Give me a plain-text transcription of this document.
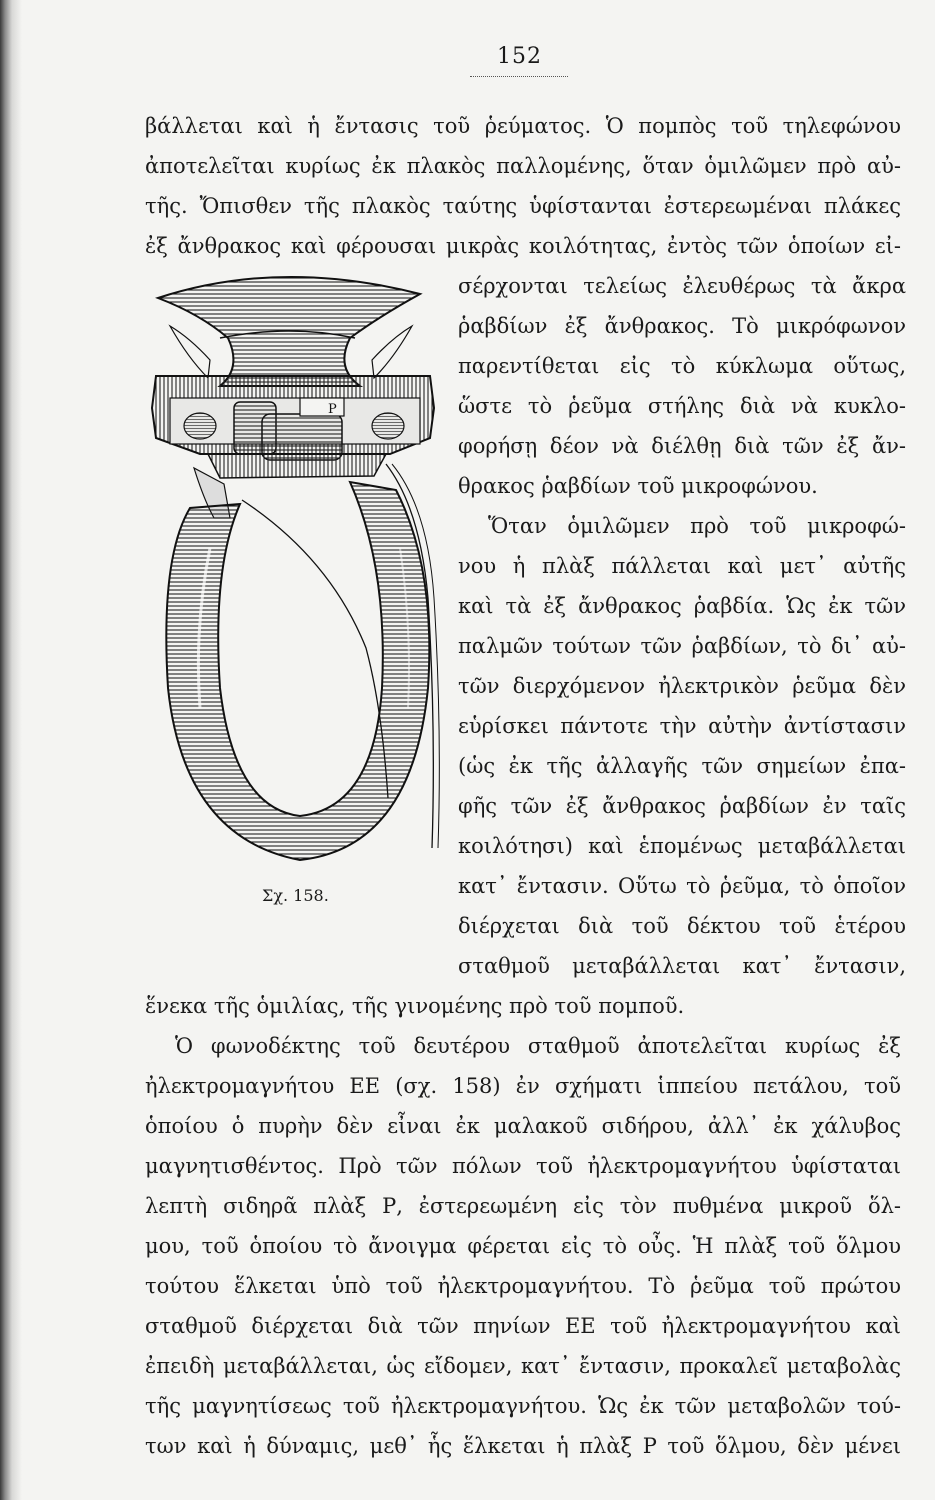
152
βάλλεται καὶ ἡ ἔντασις τοῦ ῥεύματος. Ὁ πομπὸς τοῦ τηλεφώνου
ἀποτελεῖται κυρίως ἐκ πλακὸς παλλομένης, ὅταν ὁμιλῶμεν πρὸ αὐ-
τῆς. Ὄπισθεν τῆς πλακὸς ταύτης ὑφίστανται ἐστερεωμέναι πλάκες
ἐξ ἄνθρακος καὶ φέρουσαι μικρὰς κοιλότητας, ἐντὸς τῶν ὁποίων εἰ-
σέρχονται τελείως ἐλευθέρως τὰ ἄκρα
ῥαβδίων ἐξ ἄνθρακος. Τὸ μικρόφωνον
παρεντίθεται εἰς τὸ κύκλωμα οὕτως,
ὥστε τὸ ῥεῦμα στήλης διὰ νὰ κυκλο-
φορήσῃ δέον νὰ διέλθῃ διὰ τῶν ἐξ ἄν-
θρακος ῥαβδίων τοῦ μικροφώνου.
Ὅταν ὁμιλῶμεν πρὸ τοῦ μικροφώ-
νου ἡ πλὰξ πάλλεται καὶ μετ᾽ αὐτῆς
καὶ τὰ ἐξ ἄνθρακος ῥαβδία. Ὡς ἐκ τῶν
παλμῶν τούτων τῶν ῥαβδίων, τὸ δι᾽ αὐ-
τῶν διερχόμενον ἠλεκτρικὸν ῥεῦμα δὲν
εὑρίσκει πάντοτε τὴν αὐτὴν ἀντίστασιν
(ὡς ἐκ τῆς ἀλλαγῆς τῶν σημείων ἐπα-
φῆς τῶν ἐξ ἄνθρακος ῥαβδίων ἐν ταῖς
κοιλότησι) καὶ ἑπομένως μεταβάλλεται
κατ᾽ ἔντασιν. Οὕτω τὸ ῥεῦμα, τὸ ὁποῖον
διέρχεται διὰ τοῦ δέκτου τοῦ ἑτέρου
σταθμοῦ μεταβάλλεται κατ᾽ ἔντασιν,
ἕνεκα τῆς ὁμιλίας, τῆς γινομένης πρὸ τοῦ πομποῦ.
Ὁ φωνοδέκτης τοῦ δευτέρου σταθμοῦ ἀποτελεῖται κυρίως ἐξ
ἠλεκτρομαγνήτου ΕΕ (σχ. 158) ἐν σχήματι ἱππείου πετάλου, τοῦ
ὁποίου ὁ πυρὴν δὲν εἶναι ἐκ μαλακοῦ σιδήρου, ἀλλ᾽ ἐκ χάλυβος
μαγνητισθέντος. Πρὸ τῶν πόλων τοῦ ἠλεκτρομαγνήτου ὑφίσταται
λεπτὴ σιδηρᾶ πλὰξ Ρ, ἐστερεωμένη εἰς τὸν πυθμένα μικροῦ ὅλ-
μου, τοῦ ὁποίου τὸ ἄνοιγμα φέρεται εἰς τὸ οὖς. Ἡ πλὰξ τοῦ ὅλμου
τούτου ἕλκεται ὑπὸ τοῦ ἠλεκτρομαγνήτου. Τὸ ῥεῦμα τοῦ πρώτου
σταθμοῦ διέρχεται διὰ τῶν πηνίων ΕΕ τοῦ ἠλεκτρομαγνήτου καὶ
ἐπειδὴ μεταβάλλεται, ὡς εἴδομεν, κατ᾽ ἔντασιν, προκαλεῖ μεταβολὰς
τῆς μαγνητίσεως τοῦ ἠλεκτρομαγνήτου. Ὡς ἐκ τῶν μεταβολῶν τού-
των καὶ ἡ δύναμις, μεθ᾽ ἧς ἕλκεται ἡ πλὰξ Ρ τοῦ ὅλμου, δὲν μένει
P
Σχ. 158.
